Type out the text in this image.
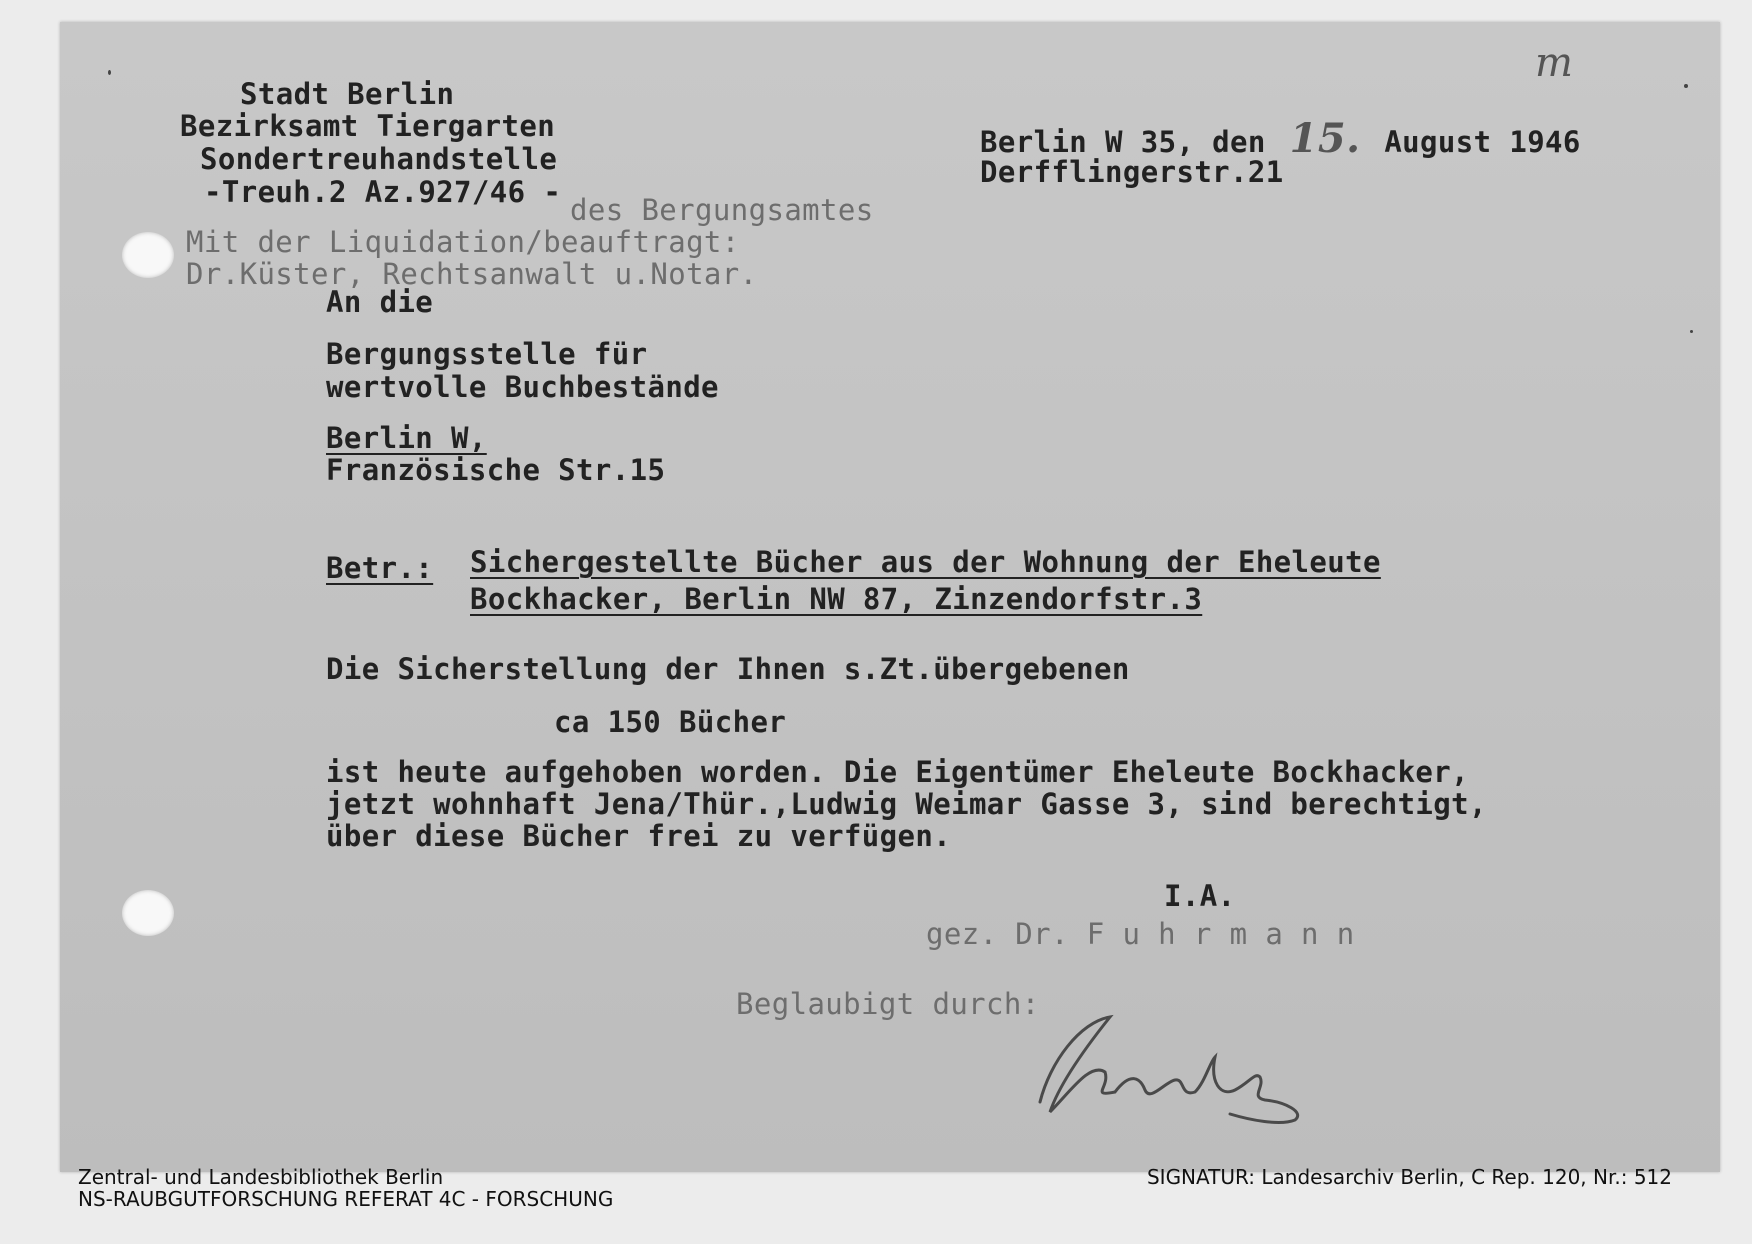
m
Stadt Berlin
Bezirksamt Tiergarten
Sondertreuhandstelle
-Treuh.2 Az.927/46 -
des Bergungsamtes
Mit der Liquidation/beauftragt:
Dr.Küster, Rechtsanwalt u.Notar.
Berlin W 35, den 15. August 1946
Derfflingerstr.21
An die
Bergungsstelle für
wertvolle Buchbestände
Berlin W,
Französische Str.15
Betr.: Sichergestellte Bücher aus der Wohnung der Eheleute
Bockhacker, Berlin NW 87, Zinzendorfstr.3
Die Sicherstellung der Ihnen s.Zt.übergebenen
ca 150 Bücher
ist heute aufgehoben worden. Die Eigentümer Eheleute Bockhacker,
jetzt wohnhaft Jena/Thür.,Ludwig Weimar Gasse 3, sind berechtigt,
über diese Bücher frei zu verfügen.
I.A.
gez. Dr. F u h r m a n n
Beglaubigt durch:
Zentral- und Landesbibliothek Berlin
NS-RAUBGUTFORSCHUNG REFERAT 4C - FORSCHUNG
SIGNATUR: Landesarchiv Berlin, C Rep. 120, Nr.: 512
